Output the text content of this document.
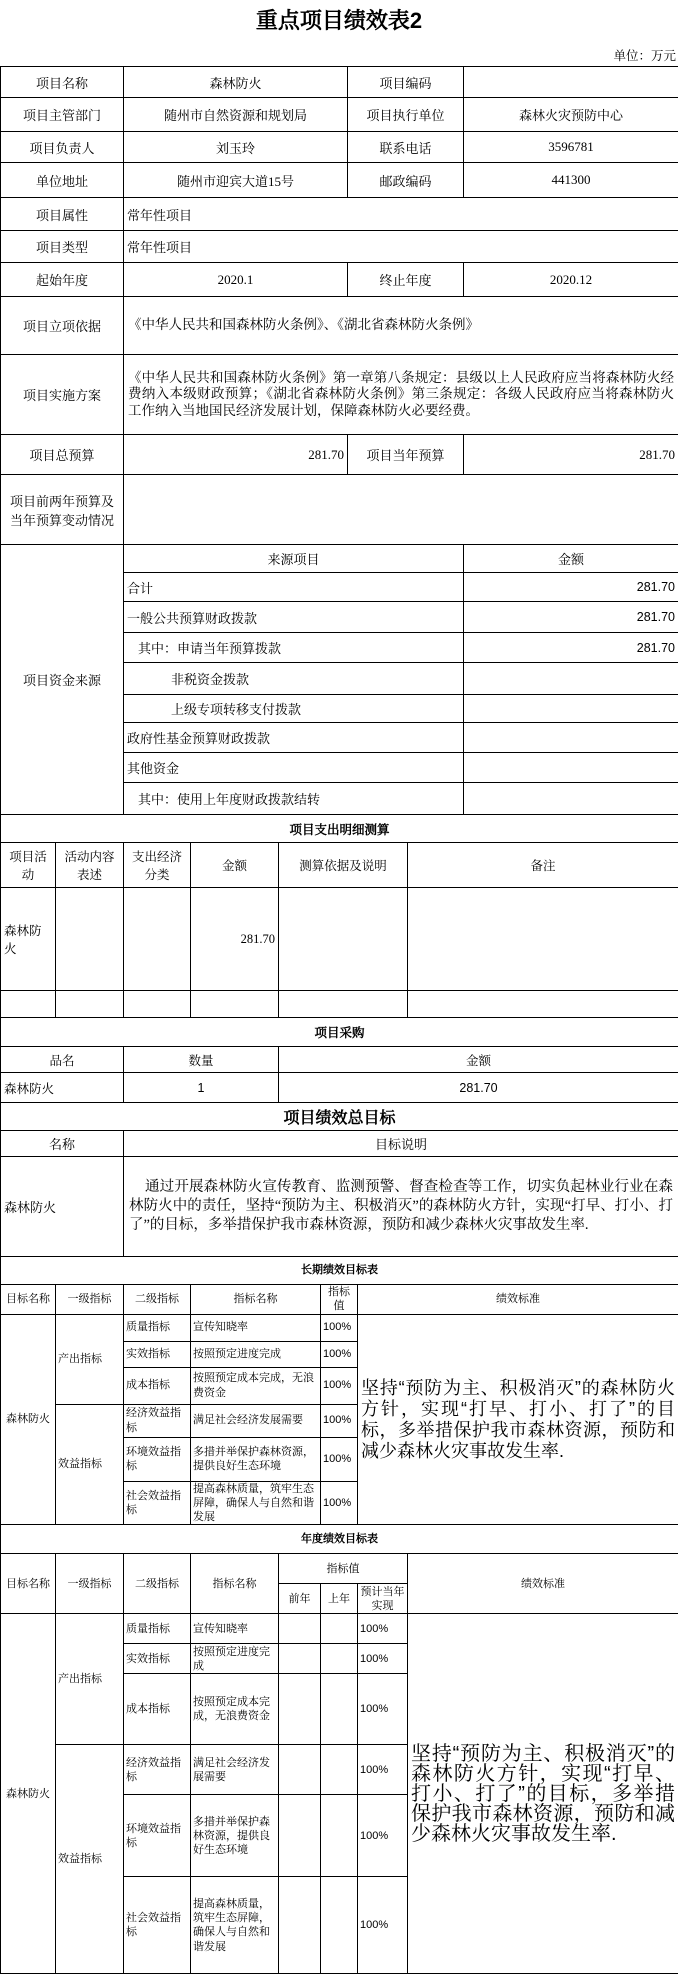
重点项目绩效表2
单位：万元
项目名称	森林防火	项目编码	
项目主管部门	随州市自然资源和规划局	项目执行单位	森林火灾预防中心
项目负责人	刘玉玲	联系电话	3596781
单位地址	随州市迎宾大道15号	邮政编码	441300
项目属性	常年性项目		
项目类型	常年性项目		
起始年度	2020.1	终止年度	2020.12
项目立项依据	《中华人民共和国森林防火条例》、《湖北省森林防火条例》		
项目实施方案	《中华人民共和国森林防火条例》第一章第八条规定：县级以上人民政府应当将森林防火经费纳入本级财政预算；《湖北省森林防火条例》第三条规定：各级人民政府应当将森林防火工作纳入当地国民经济发展计划，保障森林防火必要经费。		
项目总预算	281.70	项目当年预算	281.70
项目前两年预算及当年预算变动情况			
项目资金来源	来源项目	金额
	合计	281.70
	一般公共预算财政拨款	281.70
	其中：申请当年预算拨款	281.70
	非税资金拨款	
	上级专项转移支付拨款	
	政府性基金预算财政拨款	
	其他资金	
	其中：使用上年度财政拨款结转	
项目支出明细测算					
项目活动	活动内容表述	支出经济分类	金额	测算依据及说明	备注
森林防火			281.70		

项目采购		
品名	数量	金额
森林防火	1	281.70
项目绩效总目标	
名称	目标说明
森林防火	通过开展森林防火宣传教育、监测预警、督查检查等工作，切实负起林业行业在森林防火中的责任，坚持“预防为主、积极消灭”的森林防火方针，实现“打早、打小、打了”的目标，多举措保护我市森林资源，预防和减少森林火灾事故发生率.
长期绩效目标表					
目标名称	一级指标	二级指标	指标名称	指标值	绩效标准
森林防火	产出指标	质量指标	宣传知晓率	100%	坚持“预防为主、积极消灭”的森林防火方针，实现“打早、打小、打了”的目标，多举措保护我市森林资源，预防和减少森林火灾事故发生率.
		实效指标	按照预定进度完成	100%	
		成本指标	按照预定成本完成，无浪费资金	100%	
	效益指标	经济效益指标	满足社会经济发展需要	100%	
		环境效益指标	多措并举保护森林资源，提供良好生态环境	100%	
		社会效益指标	提高森林质量，筑牢生态屏障，确保人与自然和谐发展	100%	
年度绩效目标表							
目标名称	一级指标	二级指标	指标名称	指标值			绩效标准
				前年	上年	预计当年实现	
森林防火	产出指标	质量指标	宣传知晓率			100%	坚持“预防为主、积极消灭”的森林防火方针，实现“打早、打小、打了”的目标，多举措保护我市森林资源，预防和减少森林火灾事故发生率.
		实效指标	按照预定进度完成			100%	
		成本指标	按照预定成本完成，无浪费资金			100%	
	效益指标	经济效益指标	满足社会经济发展需要			100%	
		环境效益指标	多措并举保护森林资源，提供良好生态环境			100%	
		社会效益指标	提高森林质量，筑牢生态屏障，确保人与自然和谐发展			100%	
